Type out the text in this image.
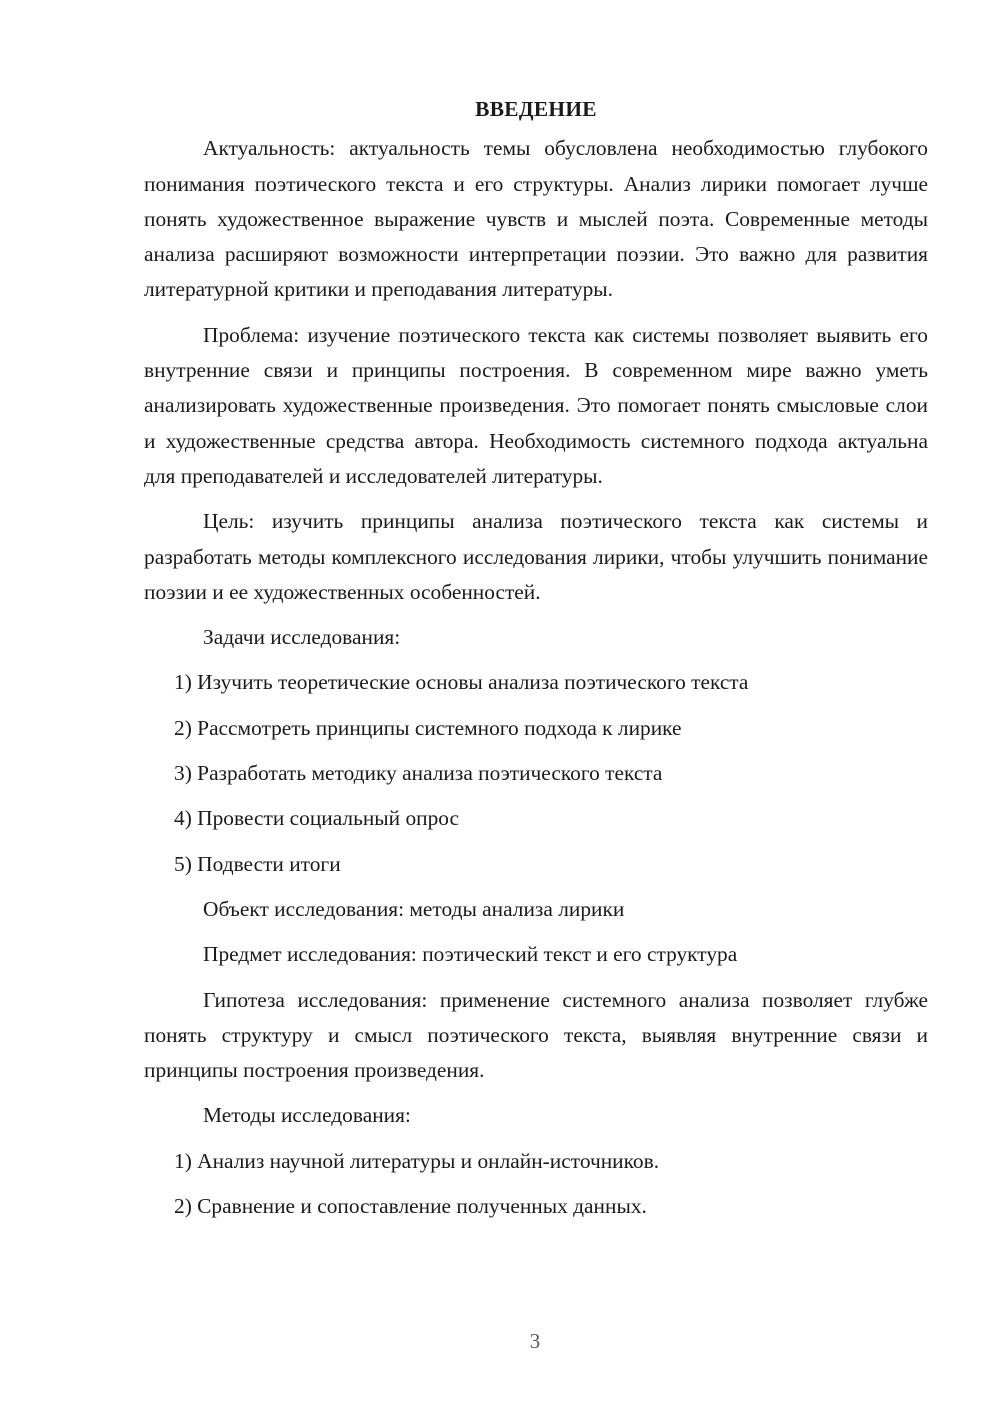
ВВЕДЕНИЕ

Актуальность: актуальность темы обусловлена необходимостью глубокого понимания поэтического текста и его структуры. Анализ лирики помогает лучше понять художественное выражение чувств и мыслей поэта. Современные методы анализа расширяют возможности интерпретации поэзии. Это важно для развития литературной критики и преподавания литературы.

Проблема: изучение поэтического текста как системы позволяет выявить его внутренние связи и принципы построения. В современном мире важно уметь анализировать художественные произведения. Это помогает понять смысловые слои и художественные средства автора. Необходимость системного подхода актуальна для преподавателей и исследователей литературы.

Цель: изучить принципы анализа поэтического текста как системы и разработать методы комплексного исследования лирики, чтобы улучшить понимание поэзии и ее художественных особенностей.

Задачи исследования:

1) Изучить теоретические основы анализа поэтического текста

2) Рассмотреть принципы системного подхода к лирике

3) Разработать методику анализа поэтического текста

4) Провести социальный опрос

5) Подвести итоги

Объект исследования: методы анализа лирики

Предмет исследования: поэтический текст и его структура

Гипотеза исследования: применение системного анализа позволяет глубже понять структуру и смысл поэтического текста, выявляя внутренние связи и принципы построения произведения.

Методы исследования:

1) Анализ научной литературы и онлайн-источников.

2) Сравнение и сопоставление полученных данных.

3
